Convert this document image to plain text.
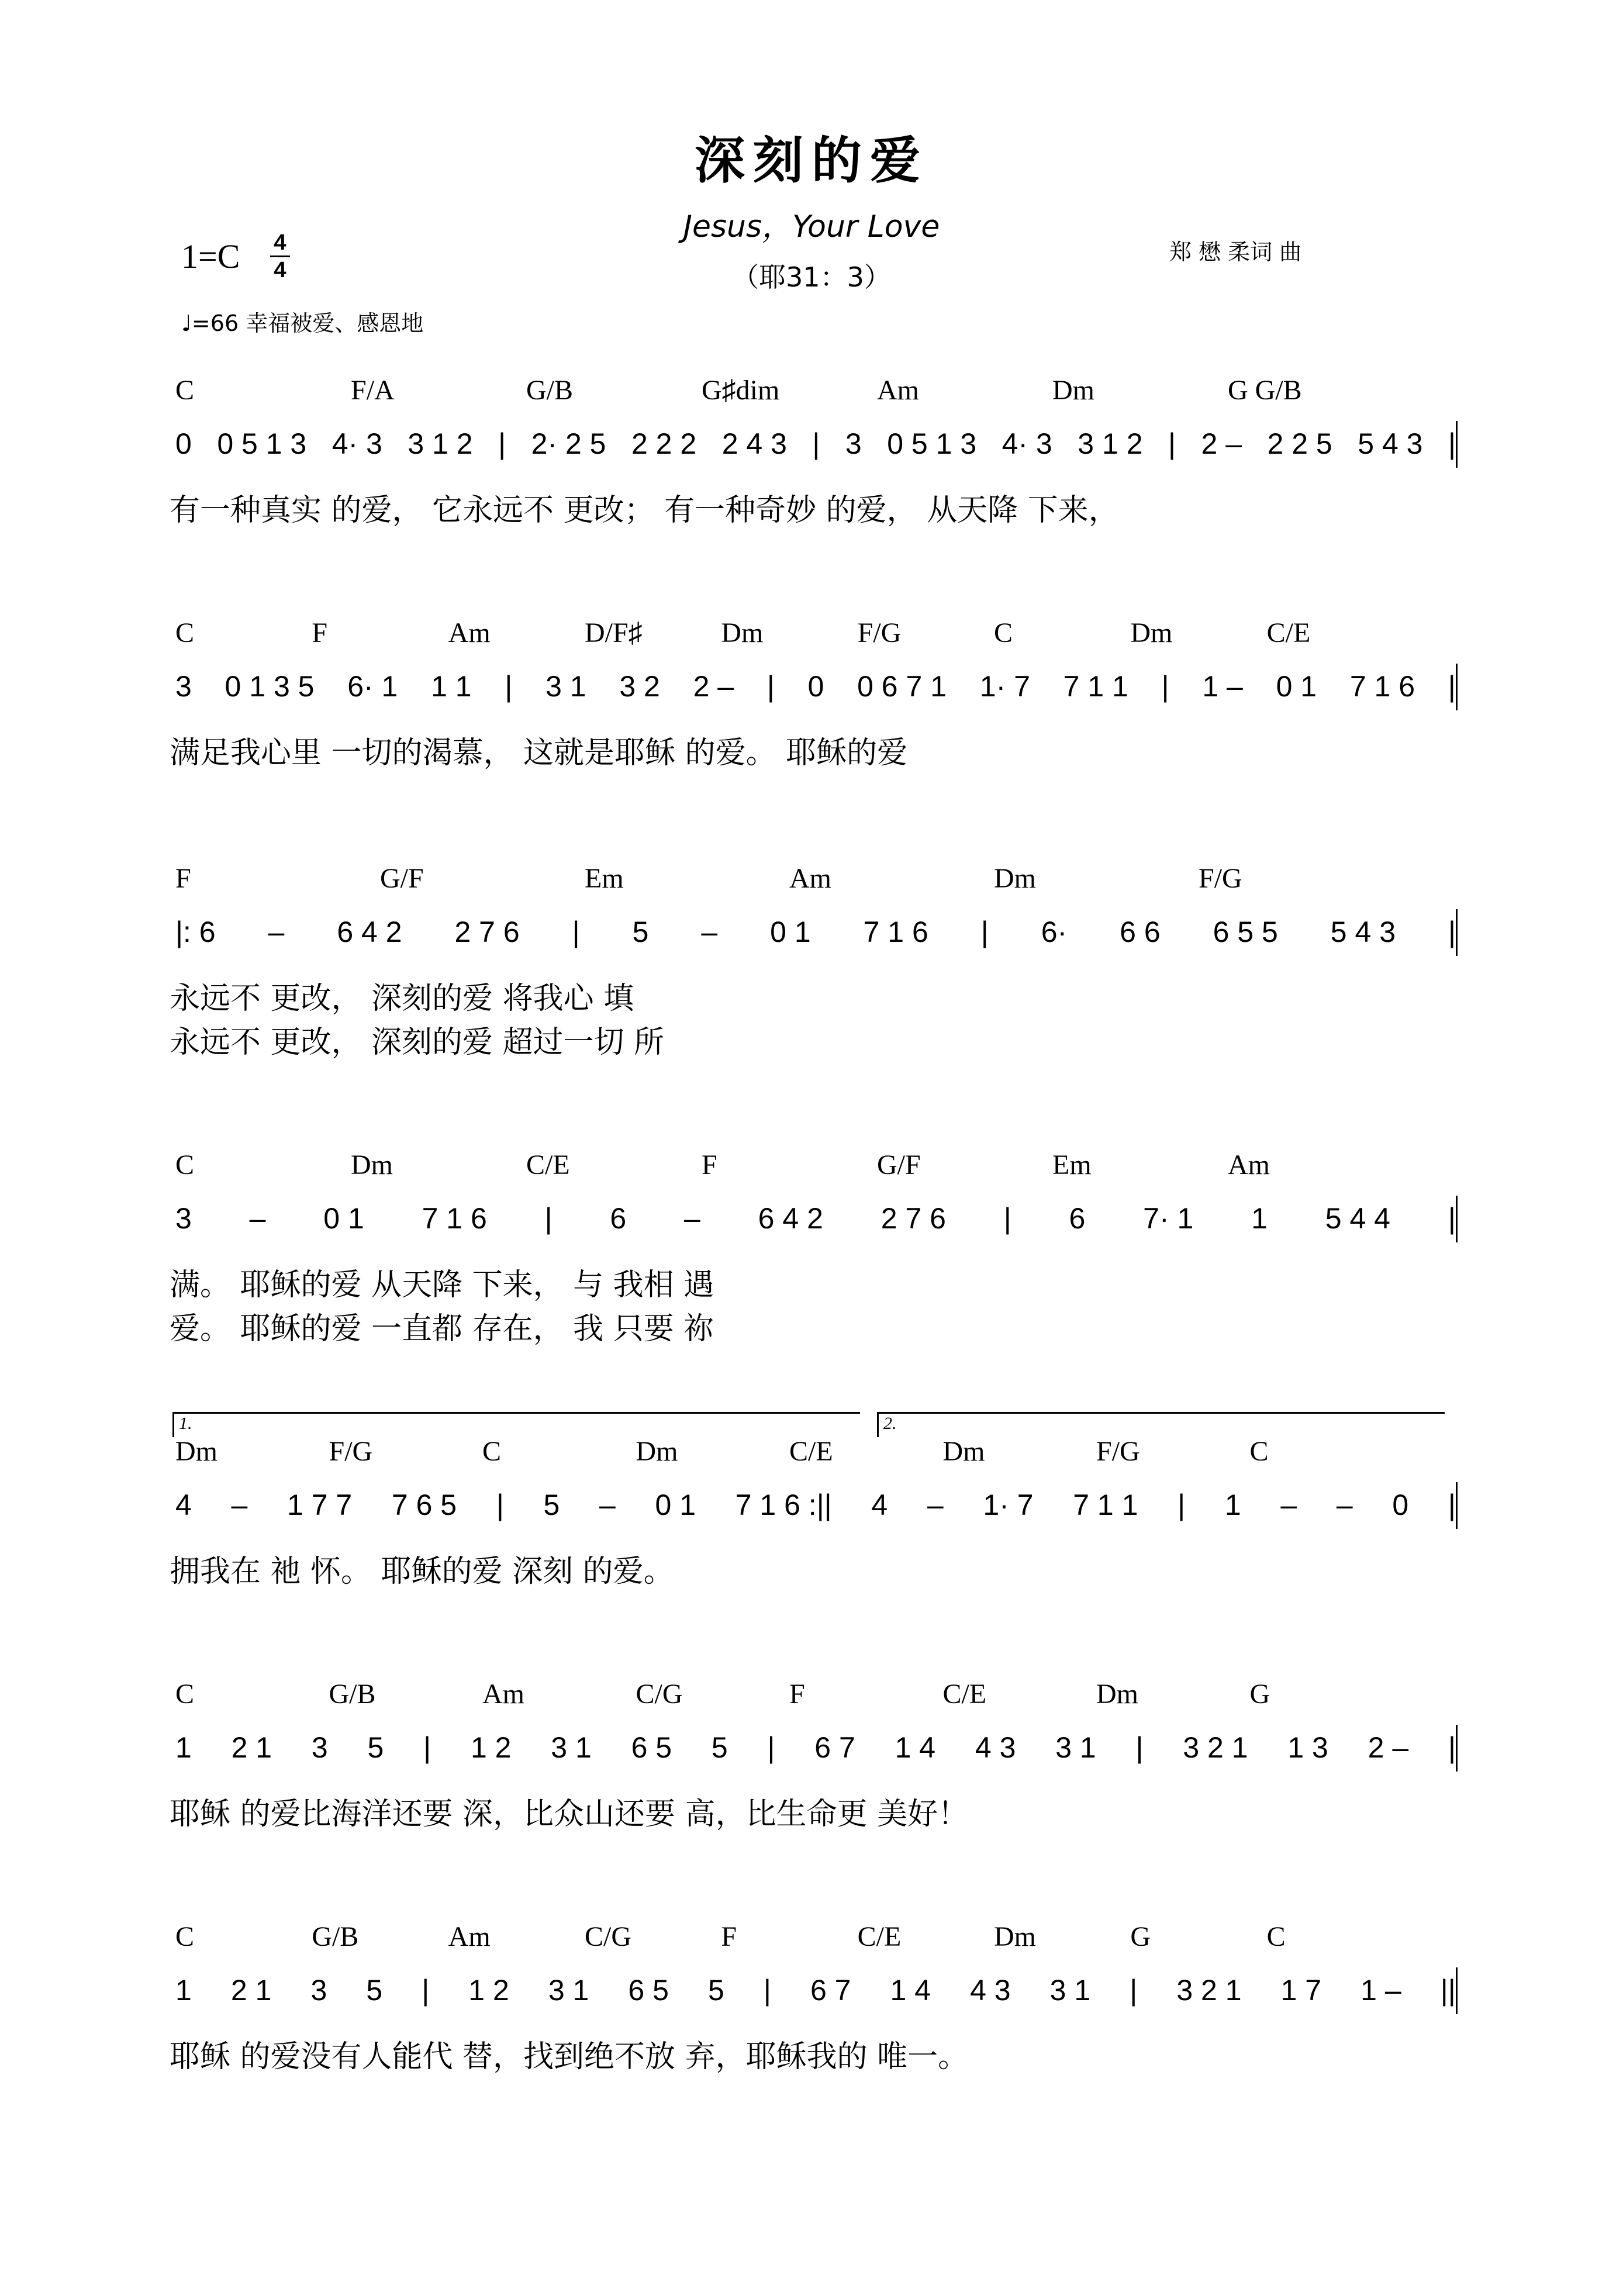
深刻的爱
Jesus，Your Love
（耶31：3）
郑 懋 柔词 曲
1=C 4
4
♩=66 幸福被爱、感恩地
C	F/A	G/B	G♯dim	Am	Dm	G G/B
0 0 5 1 3 4· 3 3 1 2 | 2· 2 5 2 2 2 2 4 3 | 3 0 5 1 3 4· 3 3 1 2 | 2 – 2 2 5 5 4 3 |
有一种真实 的爱， 它永远不 更改； 有一种奇妙 的爱， 从天降 下来，
C	F	Am	D/F♯	Dm	F/G	C	Dm	C/E
3 0 1 3 5 6· 1 1 1 | 3 1 3 2 2 – | 0 0 6 7 1 1· 7 7 1 1 | 1 – 0 1 7 1 6 |
满足我心里 一切的渴慕， 这就是耶稣 的爱。 耶稣的爱
F	G/F	Em	Am	Dm	F/G
|: 6 – 6 4 2 2 7 6 | 5 – 0 1 7 1 6 | 6· 6 6 6 5 5 5 4 3 |
永远不 更改， 深刻的爱 将我心 填
永远不 更改， 深刻的爱 超过一切 所
C	Dm	C/E	F	G/F	Em	Am
3 – 0 1 7 1 6 | 6 – 6 4 2 2 7 6 | 6 7· 1 1 5 4 4 |
满。 耶稣的爱 从天降 下来， 与 我相 遇
爱。 耶稣的爱 一直都 存在， 我 只要 祢
Dm	F/G	C	Dm	C/E	Dm	F/G	C
1.	2.
4 – 1 7 7 7 6 5 | 5 – 0 1 7 1 6 :|| 4 – 1· 7 7 1 1 | 1 – – 0 |
拥我在 祂 怀。 耶稣的爱 深刻 的爱。
C	G/B	Am	C/G	F	C/E	Dm	G
1 2 1 3 5 | 1 2 3 1 6 5 5 | 6 7 1 4 4 3 3 1 | 3 2 1 1 3 2 – |
耶稣 的爱比海洋还要 深，比众山还要 高，比生命更 美好！
C	G/B	Am	C/G	F	C/E	Dm	G	C
1 2 1 3 5 | 1 2 3 1 6 5 5 | 6 7 1 4 4 3 3 1 | 3 2 1 1 7 1 – ||
耶稣 的爱没有人能代 替，找到绝不放 弃，耶稣我的 唯一。
